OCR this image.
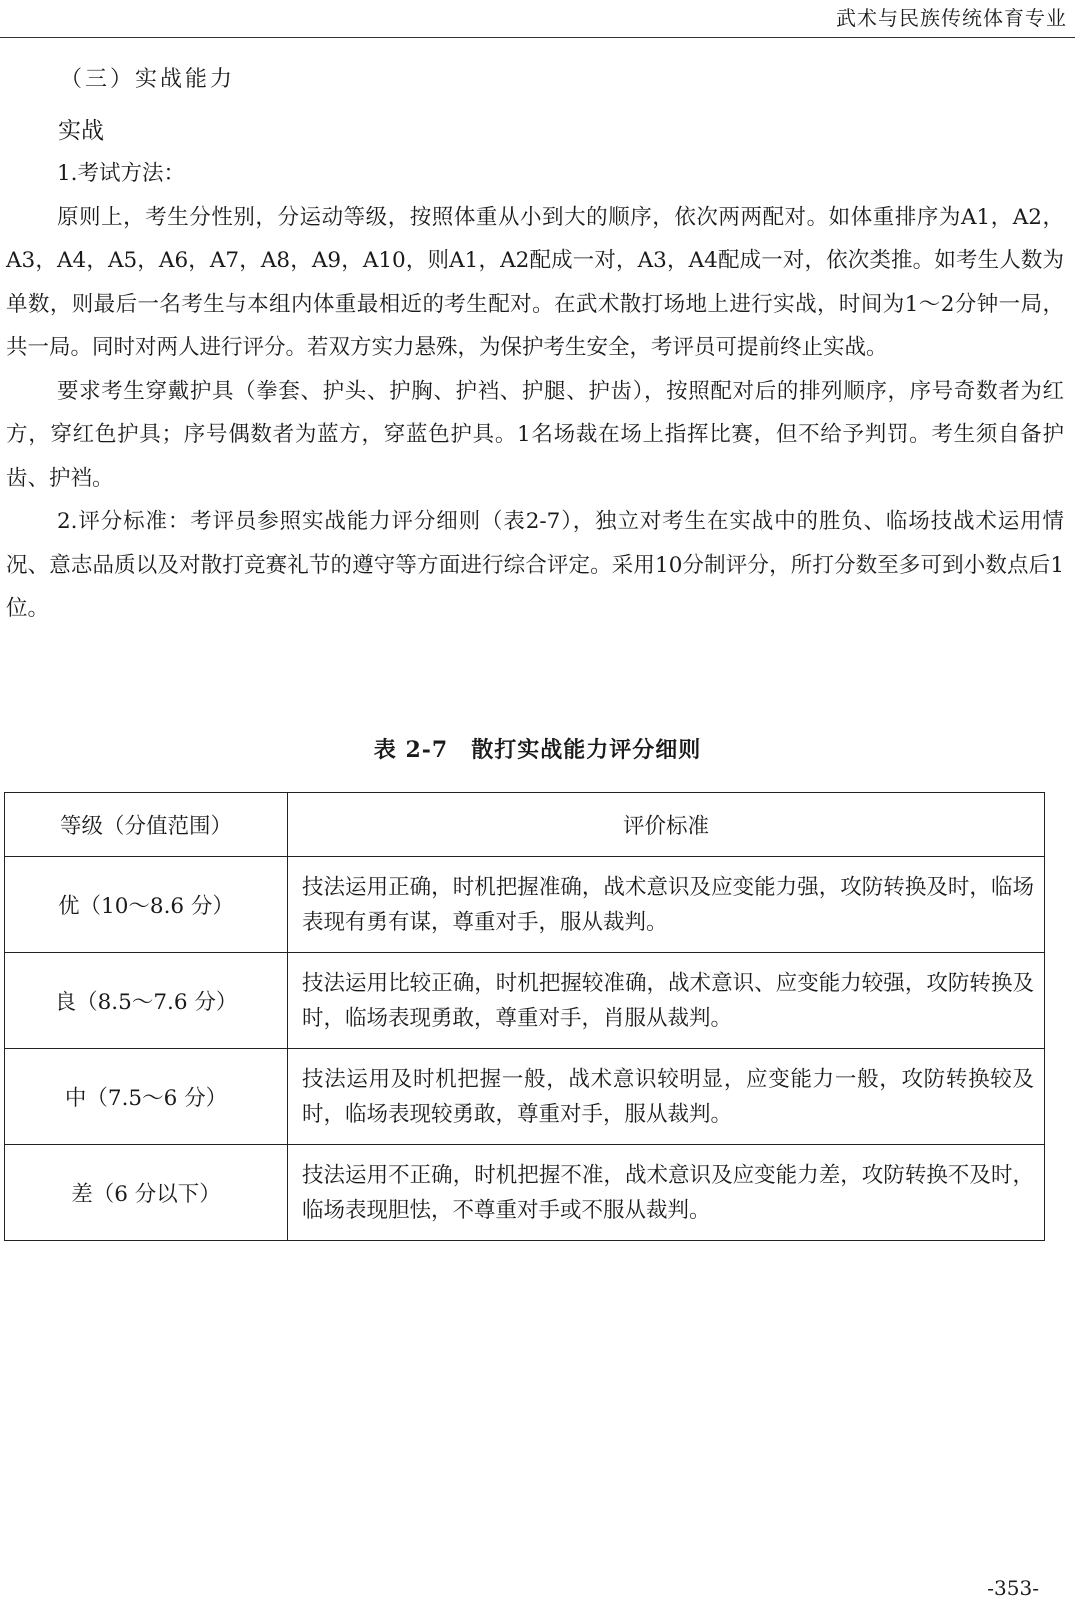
武术与民族传统体育专业
（三）实战能力
实战

1.考试方法：

原则上，考生分性别，分运动等级，按照体重从小到大的顺序，依次两两配对。如体重排序为A1，A2，A3，A4，A5，A6，A7，A8，A9，A10，则A1，A2配成一对，A3，A4配成一对，依次类推。如考生人数为单数，则最后一名考生与本组内体重最相近的考生配对。在武术散打场地上进行实战，时间为1～2分钟一局，共一局。同时对两人进行评分。若双方实力悬殊，为保护考生安全，考评员可提前终止实战。

要求考生穿戴护具（拳套、护头、护胸、护裆、护腿、护齿），按照配对后的排列顺序，序号奇数者为红方，穿红色护具；序号偶数者为蓝方，穿蓝色护具。1名场裁在场上指挥比赛，但不给予判罚。考生须自备护齿、护裆。

2.评分标准：考评员参照实战能力评分细则（表2-7），独立对考生在实战中的胜负、临场技战术运用情况、意志品质以及对散打竞赛礼节的遵守等方面进行综合评定。采用10分制评分，所打分数至多可到小数点后1位。

表 2-7　散打实战能力评分细则
等级（分值范围）	评价标准
优（10～8.6 分）	技法运用正确，时机把握准确，战术意识及应变能力强，攻防转换及时，临场表现有勇有谋，尊重对手，服从裁判。
良（8.5～7.6 分）	技法运用比较正确，时机把握较准确，战术意识、应变能力较强，攻防转换及时，临场表现勇敢，尊重对手，肖服从裁判。
中（7.5～6 分）	技法运用及时机把握一般，战术意识较明显，应变能力一般，攻防转换较及时，临场表现较勇敢，尊重对手，服从裁判。
差（6 分以下）	技法运用不正确，时机把握不准，战术意识及应变能力差，攻防转换不及时，临场表现胆怯，不尊重对手或不服从裁判。
-353-
